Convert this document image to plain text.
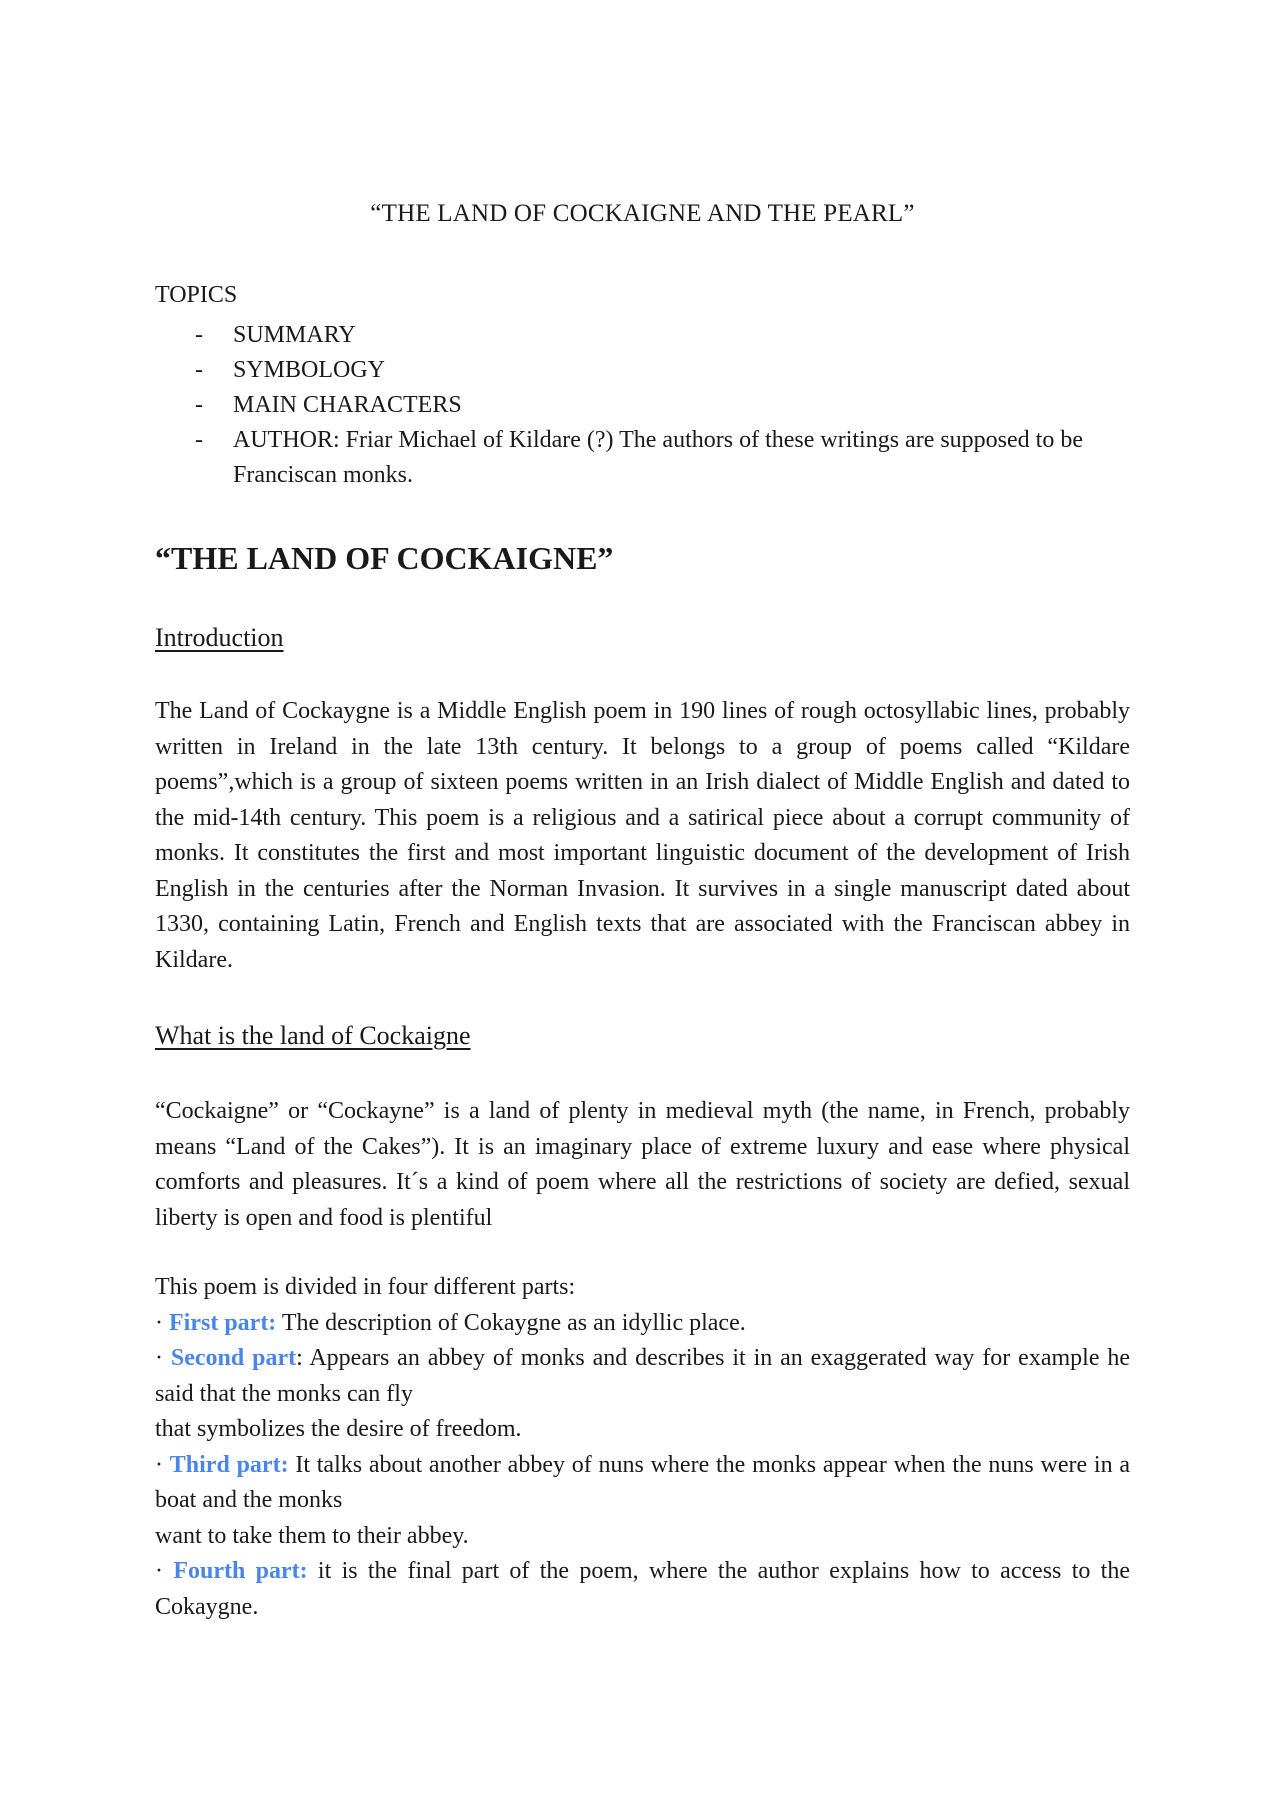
“THE LAND OF COCKAIGNE AND THE PEARL”
TOPICS
- SUMMARY
- SYMBOLOGY
- MAIN CHARACTERS
- AUTHOR: Friar Michael of Kildare (?) The authors of these writings are supposed to be Franciscan monks.
“THE LAND OF COCKAIGNE”
Introduction

The Land of Cockaygne is a Middle English poem in 190 lines of rough octosyllabic lines, probably written in Ireland in the late 13th century. It belongs to a group of poems called “Kildare poems”,which is a group of sixteen poems written in an Irish dialect of Middle English and dated to the mid-14th century. This poem is a religious and a satirical piece about a corrupt community of monks. It constitutes the first and most important linguistic document of the development of Irish English in the centuries after the Norman Invasion. It survives in a single manuscript dated about 1330, containing Latin, French and English texts that are associated with the Franciscan abbey in Kildare.

What is the land of Cockaigne

“Cockaigne” or “Cockayne” is a land of plenty in medieval myth (the name, in French, probably means “Land of the Cakes”). It is an imaginary place of extreme luxury and ease where physical comforts and pleasures. It´s a kind of poem where all the restrictions of society are defied, sexual liberty is open and food is plentiful

This poem is divided in four different parts:
· First part: The description of Cokaygne as an idyllic place.
· Second part: Appears an abbey of monks and describes it in an exaggerated way for example he said that the monks can fly
that symbolizes the desire of freedom.
· Third part: It talks about another abbey of nuns where the monks appear when the nuns were in a boat and the monks
want to take them to their abbey.
· Fourth part: it is the final part of the poem, where the author explains how to access to the Cokaygne.
